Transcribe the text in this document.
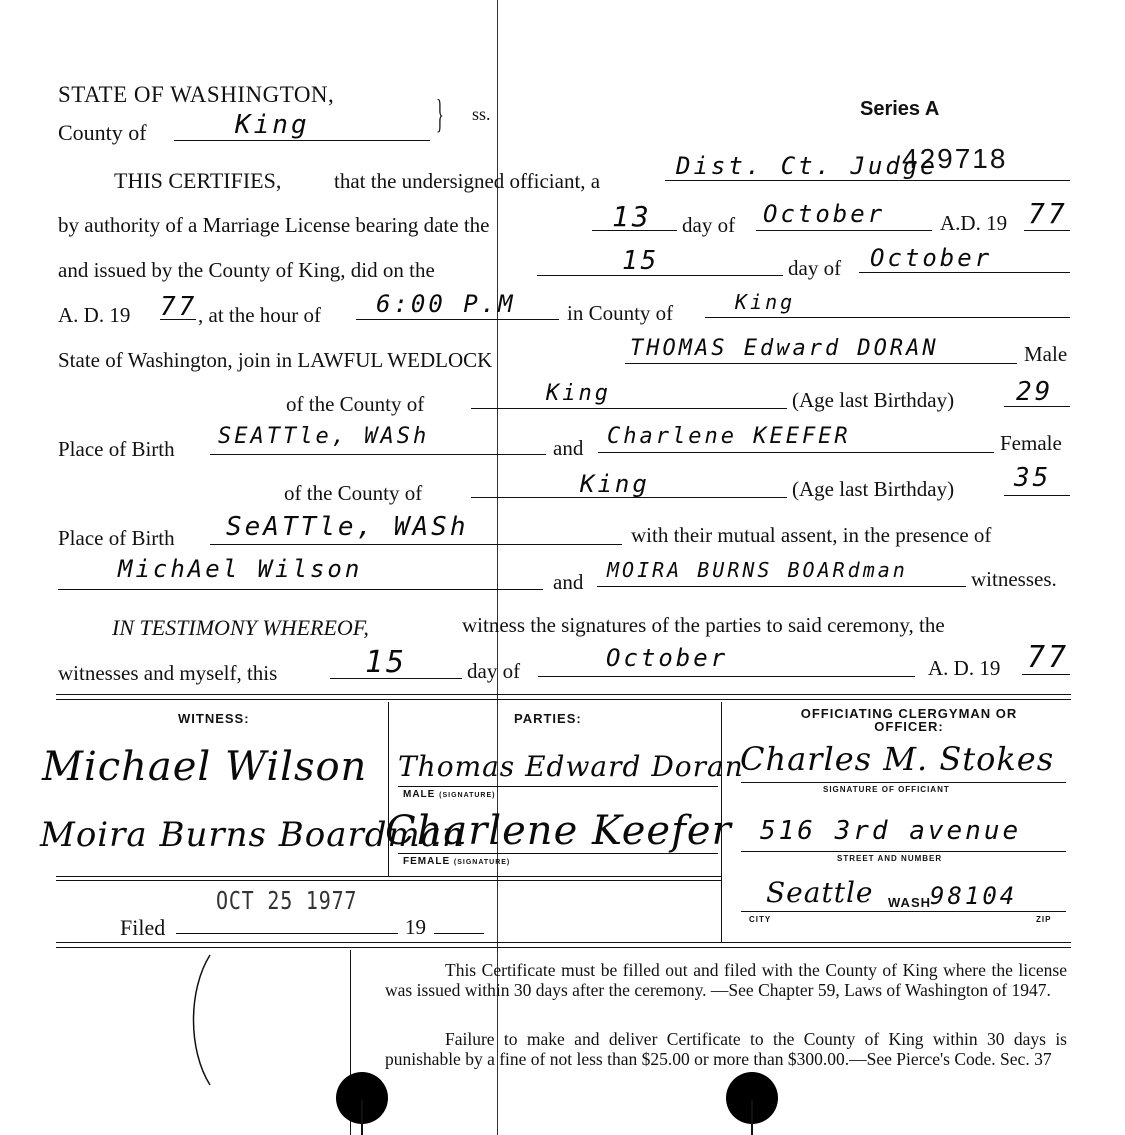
STATE OF WASHINGTON,
County of	King	} ss.	Series A
429718
THIS CERTIFIES,	that the undersigned officiant, a
Dist. Ct. Judge
by authority of a Marriage License bearing date the	13 day of October	A.D. 19 77
and issued by the County of King, did on the	15	day of October
A. D. 19 77 , at the hour of 6:00 P.M in County of	King
State of Washington, join in LAWFUL WEDLOCK	THOMAS Edward DORAN	Male
of the County of	King	(Age last Birthday) 29
Place of Birth SEATTle, WASh	and Charlene KEEFER	Female
of the County of	King	(Age last Birthday) 35
Place of Birth SeATTle, WASh	with their mutual assent, in the presence of
MichAel Wilson	and MOIRA BURNS BOARdman	witnesses.
IN TESTIMONY WHEREOF,	witness the signatures of the parties to said ceremony, the
witnesses and myself, this	15	day of	October	A. D. 19 77
WITNESS:	PARTIES:	OFFICIATING CLERGYMAN OR OFFICER:
Michael Wilson
Moira Burns Boardman
Thomas Edward Doran
MALE (SIGNATURE)
Charlene Keefer
FEMALE (SIGNATURE)
Charles M. Stokes
SIGNATURE OF OFFICIANT
516 3rd avenue
STREET AND NUMBER
Seattle WASH 98104
CITY	ZIP
OCT 25 1977
Filed	19
This Certificate must be filled out and filed with the County of King where the license was issued within 30 days after the ceremony. —See Chapter 59, Laws of Washington of 1947.
Failure to make and deliver Certificate to the County of King within 30 days is punishable by a fine of not less than $25.00 or more than $300.00.—See Pierce's Code. Sec. 37
